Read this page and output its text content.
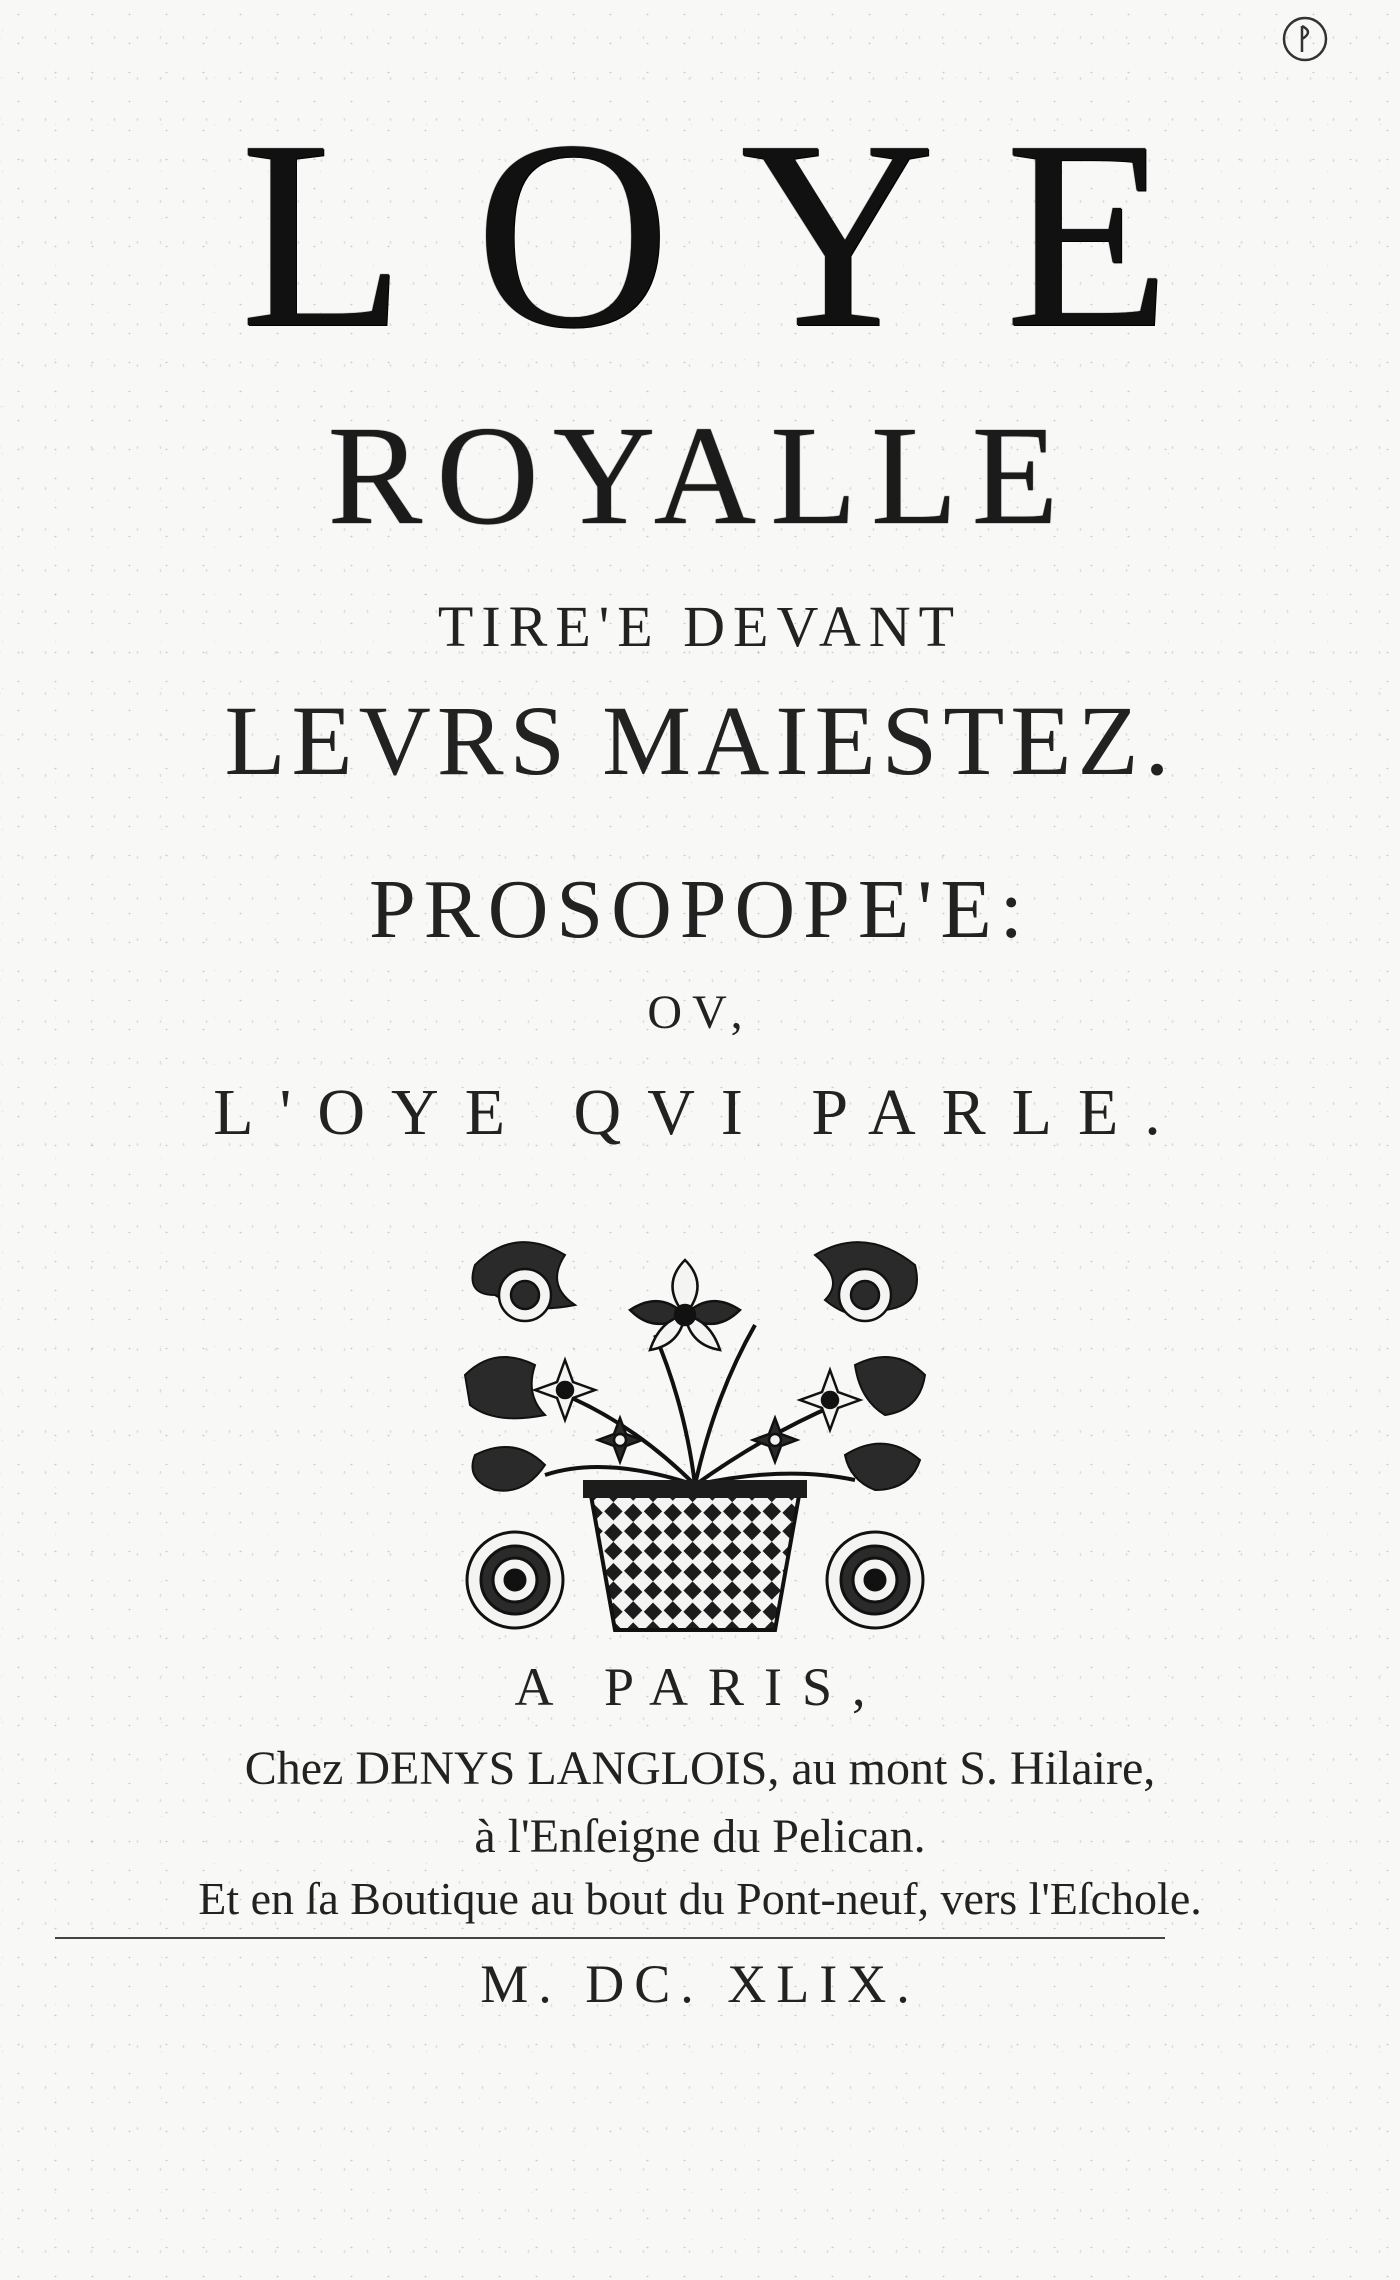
LOYE
ROYALLE
TIRE'E DEVANT
LEVRS MAIESTEZ.
PROSOPOPE'E:
OV,
L'OYE QVI PARLE.
A PARIS,
Chez DENYS LANGLOIS, au mont S. Hilaire,
à l'Enſeigne du Pelican.
Et en ſa Boutique au bout du Pont-neuf, vers l'Eſchole.
M. DC. XLIX.
